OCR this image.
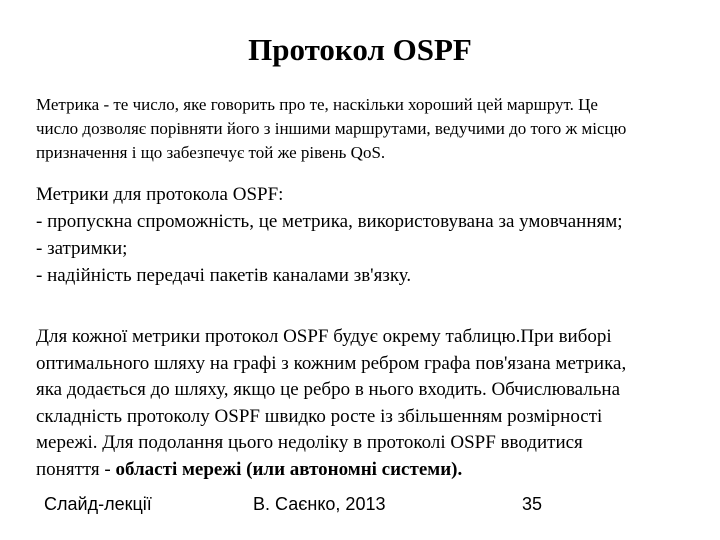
Протокол OSPF
Метрика - те число, яке говорить про те, наскільки хороший цей маршрут. Це
число дозволяє порівняти його з іншими маршрутами, ведучими до того ж місцю
призначення і що забезпечує той же рівень QoS.
Метрики для протокола OSPF:
- пропускна спроможність, це метрика, використовувана за умовчанням;
- затримки;
- надійність передачі пакетів каналами зв'язку.
Для кожної метрики протокол OSPF будує окрему таблицю.При виборі
оптимального шляху на графі з кожним ребром графа пов'язана метрика,
яка додається до шляху, якщо це ребро в нього входить. Обчислювальна
складність протоколу OSPF швидко росте із збільшенням розмірності
мережі. Для подолання цього недоліку в протоколі OSPF вводитися
поняття - області мережі (или автономні системи).
Слайд-лекції	В. Саєнко, 2013	35
